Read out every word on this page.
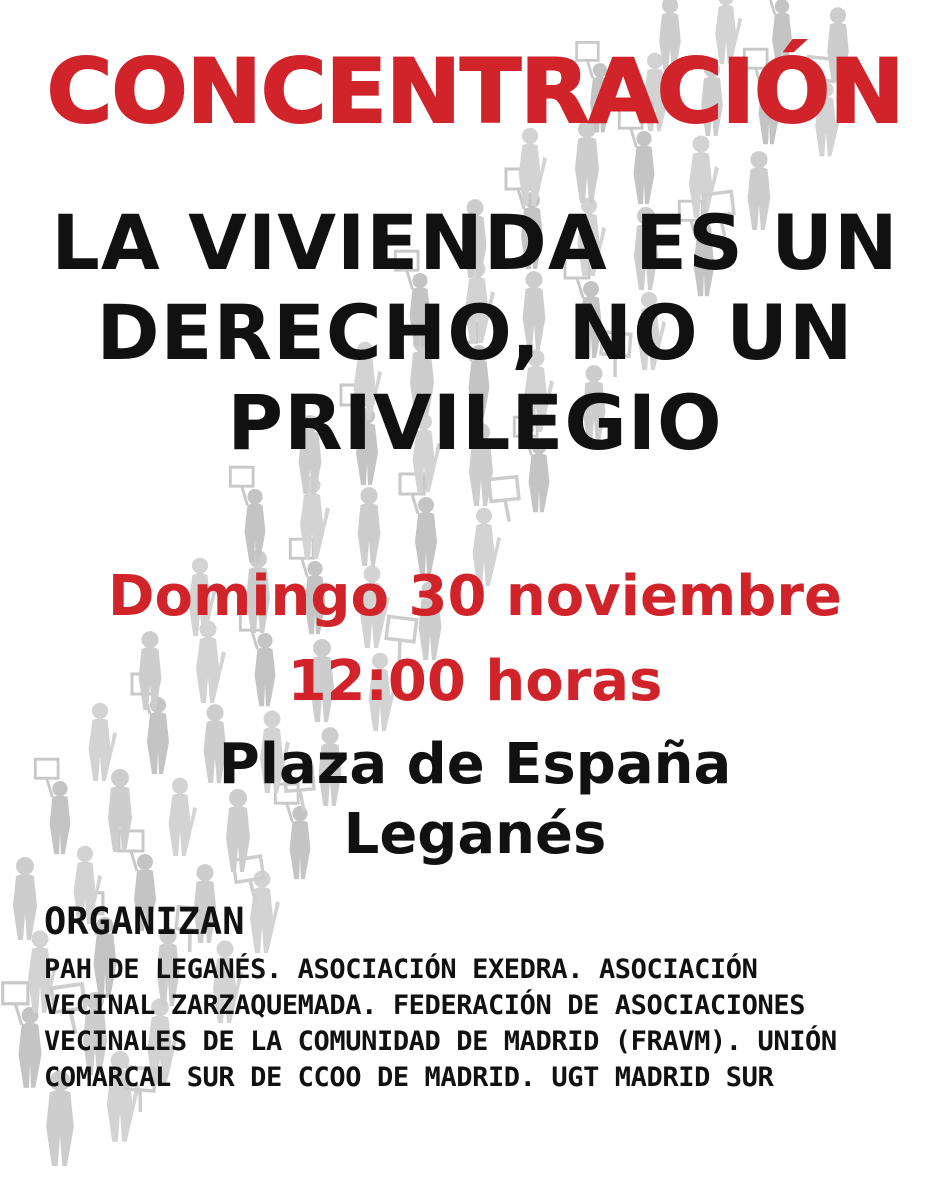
CONCENTRACIÓN
LA VIVIENDA ES UN
DERECHO, NO UN
PRIVILEGIO
Domingo 30 noviembre
12:00 horas
Plaza de España
Leganés
ORGANIZAN
PAH DE LEGANÉS. ASOCIACIÓN EXEDRA. ASOCIACIÓN
VECINAL ZARZAQUEMADA. FEDERACIÓN DE ASOCIACIONES
VECINALES DE LA COMUNIDAD DE MADRID (FRAVM). UNIÓN
COMARCAL SUR DE CCOO DE MADRID. UGT MADRID SUR
